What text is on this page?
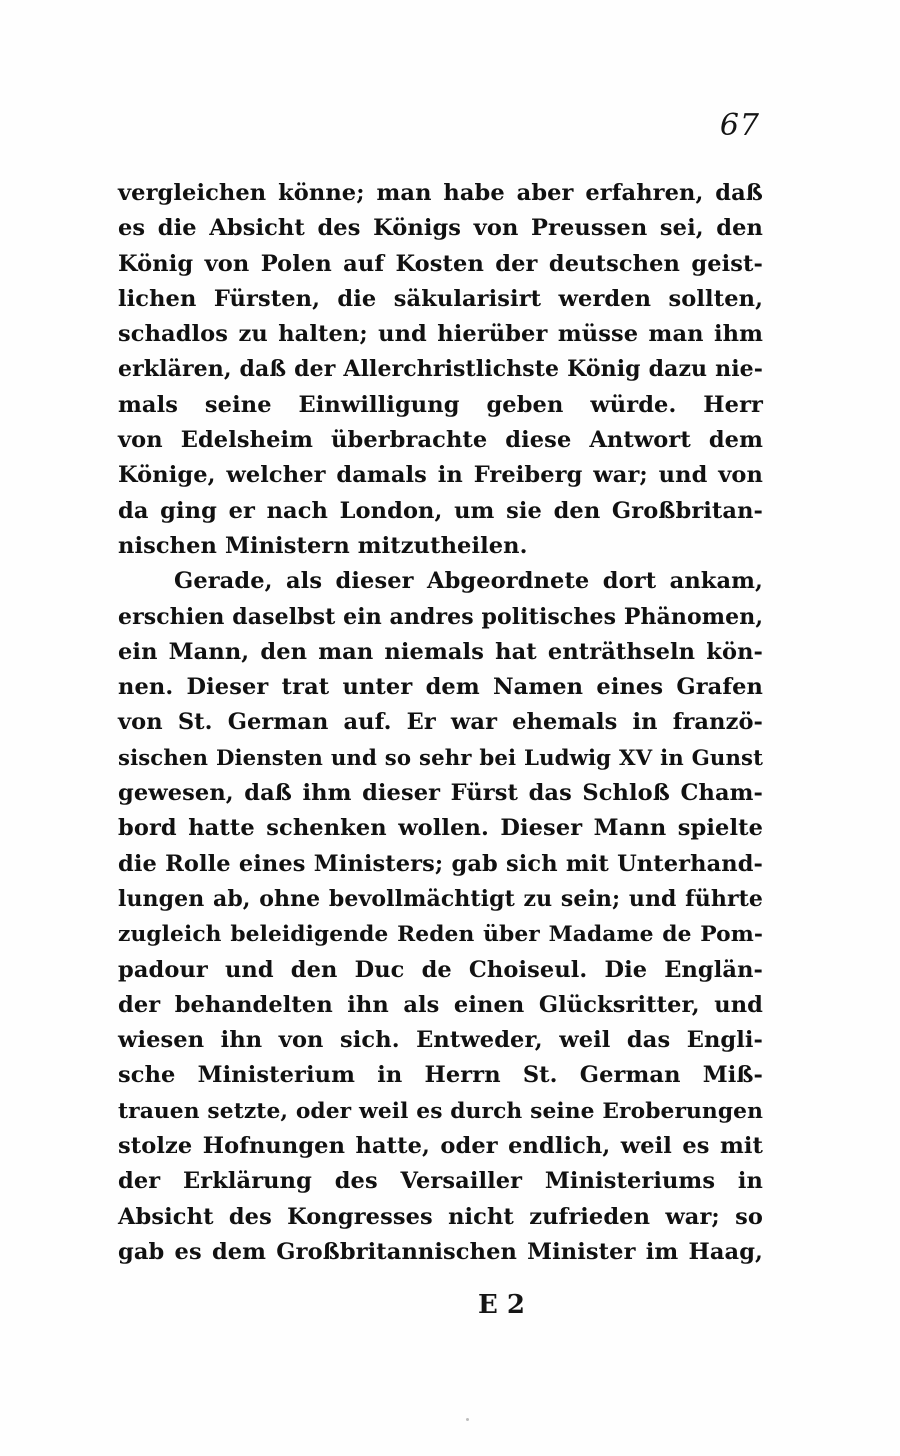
67
vergleichen könne; man habe aber erfahren, daß
es die Absicht des Königs von Preussen sei, den
König von Polen auf Kosten der deutschen geist-
lichen Fürsten, die säkularisirt werden sollten,
schadlos zu halten; und hierüber müsse man ihm
erklären, daß der Allerchristlichste König dazu nie-
mals seine Einwilligung geben würde. Herr
von Edelsheim überbrachte diese Antwort dem
Könige, welcher damals in Freiberg war; und von
da ging er nach London, um sie den Großbritan-
nischen Ministern mitzutheilen.
Gerade, als dieser Abgeordnete dort ankam,
erschien daselbst ein andres politisches Phänomen,
ein Mann, den man niemals hat enträthseln kön-
nen. Dieser trat unter dem Namen eines Grafen
von St. German auf. Er war ehemals in franzö-
sischen Diensten und so sehr bei Ludwig XV in Gunst
gewesen, daß ihm dieser Fürst das Schloß Cham-
bord hatte schenken wollen. Dieser Mann spielte
die Rolle eines Ministers; gab sich mit Unterhand-
lungen ab, ohne bevollmächtigt zu sein; und führte
zugleich beleidigende Reden über Madame de Pom-
padour und den Duc de Choiseul. Die Englän-
der behandelten ihn als einen Glücksritter, und
wiesen ihn von sich. Entweder, weil das Engli-
sche Ministerium in Herrn St. German Miß-
trauen setzte, oder weil es durch seine Eroberungen
stolze Hofnungen hatte, oder endlich, weil es mit
der Erklärung des Versailler Ministeriums in
Absicht des Kongresses nicht zufrieden war; so
gab es dem Großbritannischen Minister im Haag,
E 2
